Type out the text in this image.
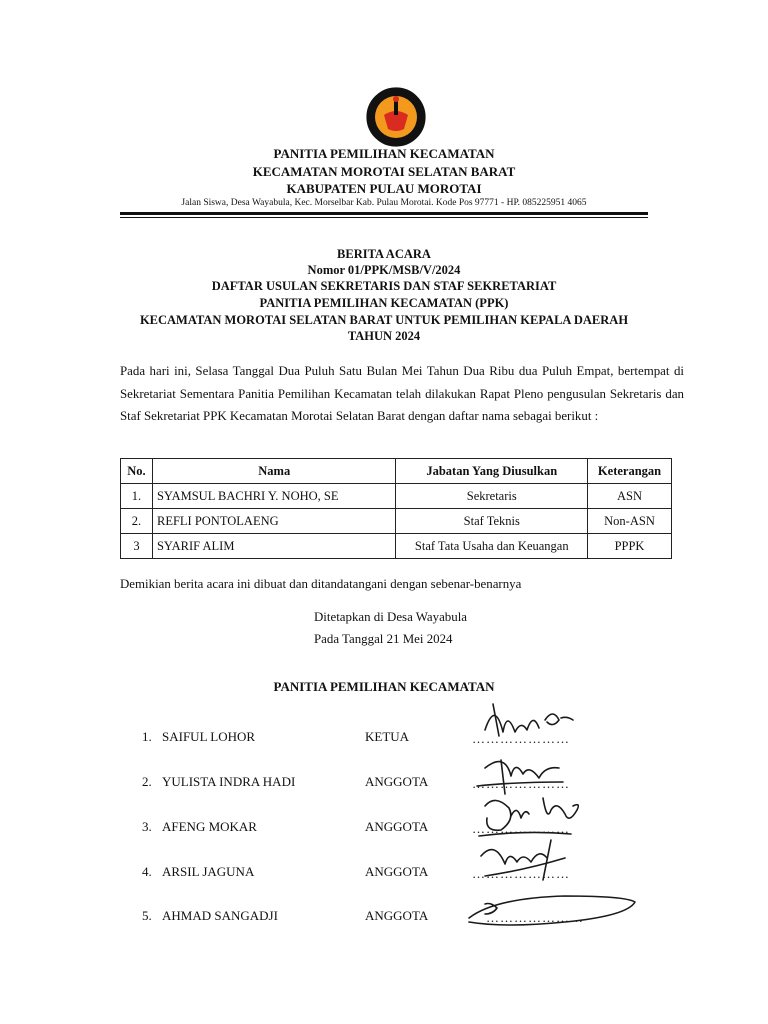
PANITIA PEMILIHAN KECAMATAN
KECAMATAN MOROTAI SELATAN BARAT
KABUPATEN PULAU MOROTAI
Jalan Siswa, Desa Wayabula, Kec. Morselbar Kab. Pulau Morotai. Kode Pos 97771 - HP. 085225951 4065
BERITA ACARA
Nomor 01/PPK/MSB/V/2024
DAFTAR USULAN SEKRETARIS DAN STAF SEKRETARIAT
PANITIA PEMILIHAN KECAMATAN (PPK)
KECAMATAN MOROTAI SELATAN BARAT UNTUK PEMILIHAN KEPALA DAERAH
TAHUN 2024

Pada hari ini, Selasa Tanggal Dua Puluh Satu Bulan Mei Tahun Dua Ribu dua Puluh Empat, bertempat di Sekretariat Sementara Panitia Pemilihan Kecamatan telah dilakukan Rapat Pleno pengusulan Sekretaris dan Staf Sekretariat PPK Kecamatan Morotai Selatan Barat dengan daftar nama sebagai berikut :

No.	Nama	Jabatan Yang Diusulkan	Keterangan
1.	SYAMSUL BACHRI Y. NOHO, SE	Sekretaris	ASN
2.	REFLI PONTOLAENG	Staf Teknis	Non-ASN
3	SYARIF ALIM	Staf Tata Usaha dan Keuangan	PPPK
Demikian berita acara ini dibuat dan ditandatangani dengan sebenar-benarnya
Ditetapkan di Desa Wayabula
Pada Tanggal 21 Mei 2024
PANITIA PEMILIHAN KECAMATAN
1. SAIFUL LOHOR	KETUA	…………………
2. YULISTA INDRA HADI	ANGGOTA	…………………
3. AFENG MOKAR	ANGGOTA	…………………
4. ARSIL JAGUNA	ANGGOTA	…………………
5. AHMAD SANGADJI	ANGGOTA	…………………
